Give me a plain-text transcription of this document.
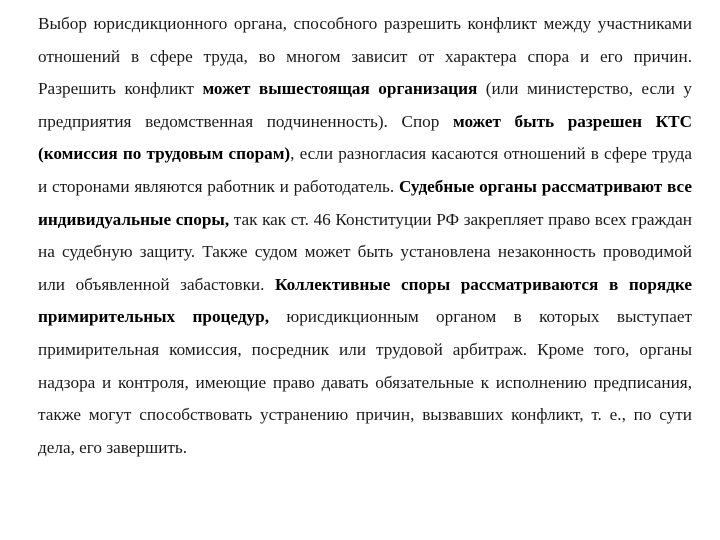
Выбор юрисдикционного органа, способного разрешить конфликт между участниками отношений в сфере труда, во многом зависит от характера спора и его причин. Разрешить конфликт может вышестоящая организация (или министерство, если у предприятия ведомственная подчиненность). Спор может быть разрешен КТС (комиссия по трудовым спорам), если разногласия касаются отношений в сфере труда и сторонами являются работник и работодатель. Судебные органы рассматривают все индивидуальные споры, так как ст. 46 Конституции РФ закрепляет право всех граждан на судебную защиту. Также судом может быть установлена незаконность проводимой или объявленной забастовки. Коллективные споры рассматриваются в порядке примирительных процедур, юрисдикционным органом в которых выступает примирительная комиссия, посредник или трудовой арбитраж. Кроме того, органы надзора и контроля, имеющие право давать обязательные к исполнению предписания, также могут способствовать устранению причин, вызвавших конфликт, т. е., по сути дела, его завершить.
